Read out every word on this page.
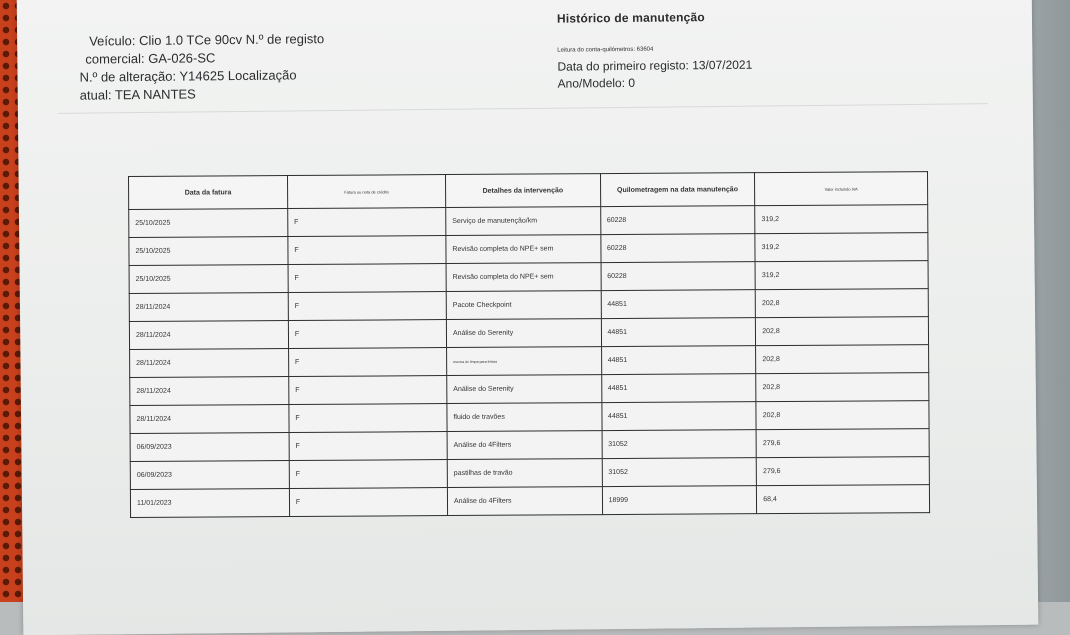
Veículo: Clio 1.0 TCe 90cv N.º de registo
comercial: GA-026-SC
N.º de alteração: Y14625 Localização
atual: TEA NANTES
Histórico de manutenção
Leitura do conta-quilómetros: 63604
Data do primeiro registo: 13/07/2021
Ano/Modelo: 0
Data da fatura	Fatura ou nota de crédito	Detalhes da intervenção	Quilometragem na data manutenção	Valor incluindo IVA
25/10/2025	F	Serviço de manutenção/km	60228	319,2
25/10/2025	F	Revisão completa do NPE+ sem	60228	319,2
25/10/2025	F	Revisão completa do NPE+ sem	60228	319,2
28/11/2024	F	Pacote Checkpoint	44851	202,8
28/11/2024	F	Análise do Serenity	44851	202,8
28/11/2024	F	escova do limpa-para-brisas	44851	202,8
28/11/2024	F	Análise do Serenity	44851	202,8
28/11/2024	F	fluido de travões	44851	202,8
06/09/2023	F	Análise do 4Filters	31052	279,6
06/09/2023	F	pastilhas de travão	31052	279,6
11/01/2023	F	Análise do 4Filters	18999	68,4
